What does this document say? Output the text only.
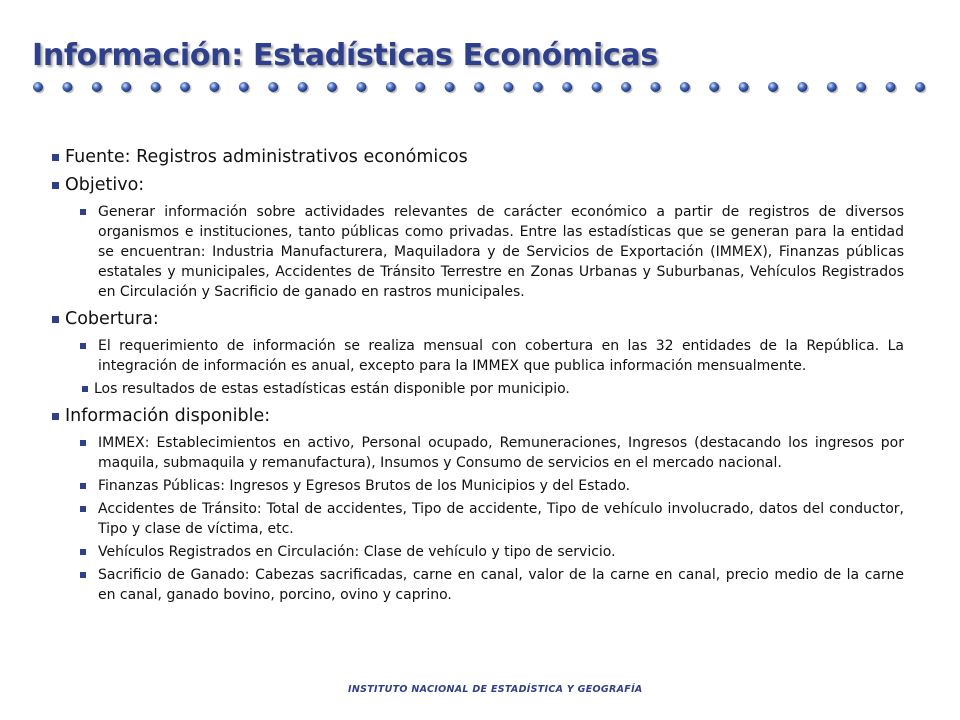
Información: Estadísticas Económicas
Fuente: Registros administrativos económicos
Objetivo:
Generar información sobre actividades relevantes de carácter económico a partir de registros de diversos organismos e instituciones, tanto públicas como privadas. Entre las estadísticas que se generan para la entidad se encuentran: Industria Manufacturera, Maquiladora y de Servicios de Exportación (IMMEX), Finanzas públicas estatales y municipales, Accidentes de Tránsito Terrestre en Zonas Urbanas y Suburbanas, Vehículos Registrados en Circulación y Sacrificio de ganado en rastros municipales.
Cobertura:
El requerimiento de información se realiza mensual con cobertura en las 32 entidades de la República. La integración de información es anual, excepto para la IMMEX que publica información mensualmente.
Los resultados de estas estadísticas están disponible por municipio.
Información disponible:
IMMEX: Establecimientos en activo, Personal ocupado, Remuneraciones, Ingresos (destacando los ingresos por maquila, submaquila y remanufactura), Insumos y Consumo de servicios en el mercado nacional.
Finanzas Públicas: Ingresos y Egresos Brutos de los Municipios y del Estado.
Accidentes de Tránsito: Total de accidentes, Tipo de accidente, Tipo de vehículo involucrado, datos del conductor, Tipo y clase de víctima, etc.
Vehículos Registrados en Circulación: Clase de vehículo y tipo de servicio.
Sacrificio de Ganado: Cabezas sacrificadas, carne en canal, valor de la carne en canal, precio medio de la carne en canal, ganado bovino, porcino, ovino y caprino.
INSTITUTO NACIONAL DE ESTADÍSTICA Y GEOGRAFÍA
